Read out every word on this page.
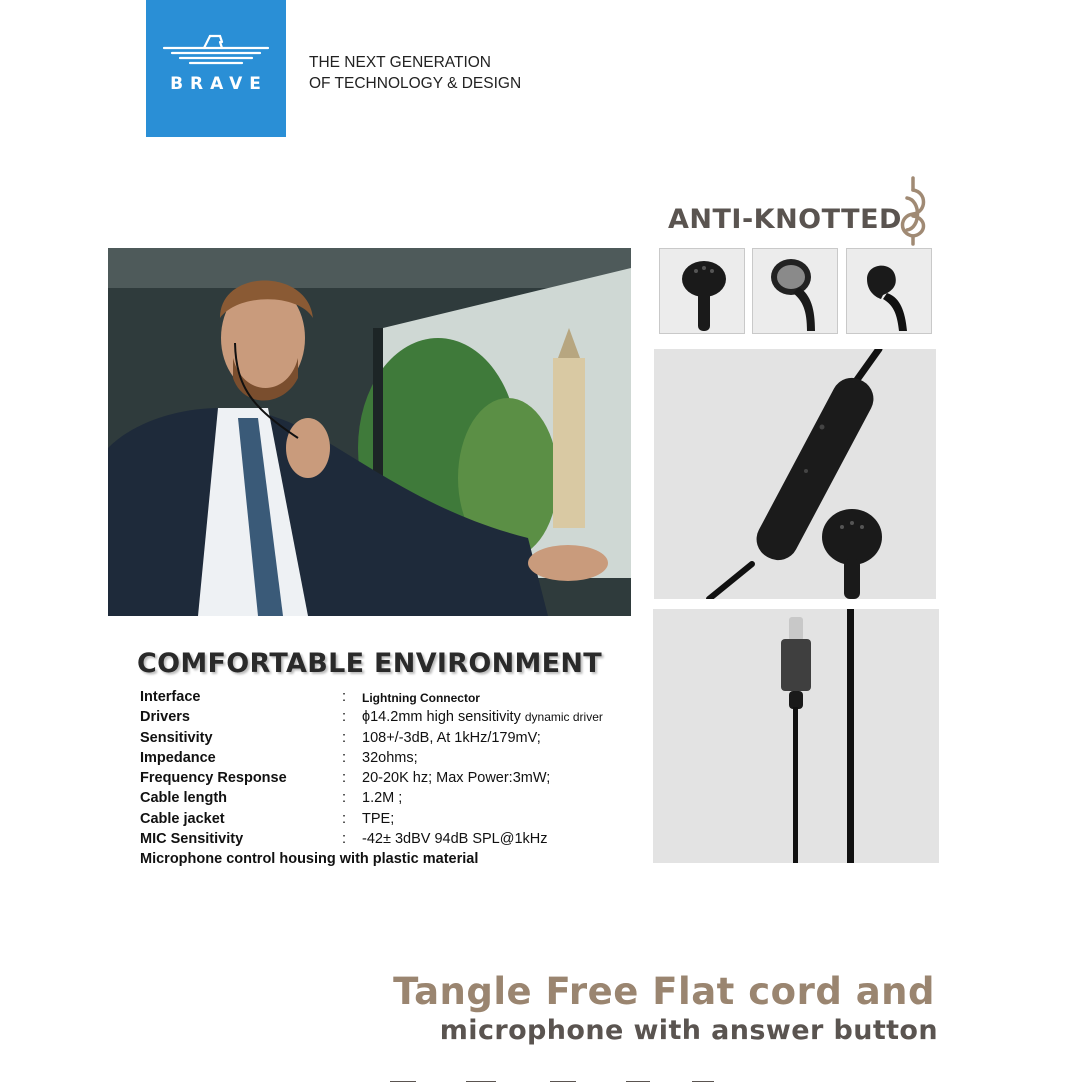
BRAVE
THE NEXT GENERATION
OF TECHNOLOGY & DESIGN
ANTI-KNOTTED
COMFORTABLE ENVIRONMENT
Interface	: Lightning Connector
Drivers	: ϕ14.2mm high sensitivity dynamic driver
Sensitivity	: 108+/-3dB, At 1kHz/179mV;
Impedance	: 32ohms;
Frequency Response	: 20-20K hz; Max Power:3mW;
Cable length	: 1.2M ;
Cable jacket	: TPE;
MIC Sensitivity	: -42± 3dBV 94dB SPL@1kHz
Microphone control housing with plastic material
Tangle Free Flat cord and
microphone with answer button
